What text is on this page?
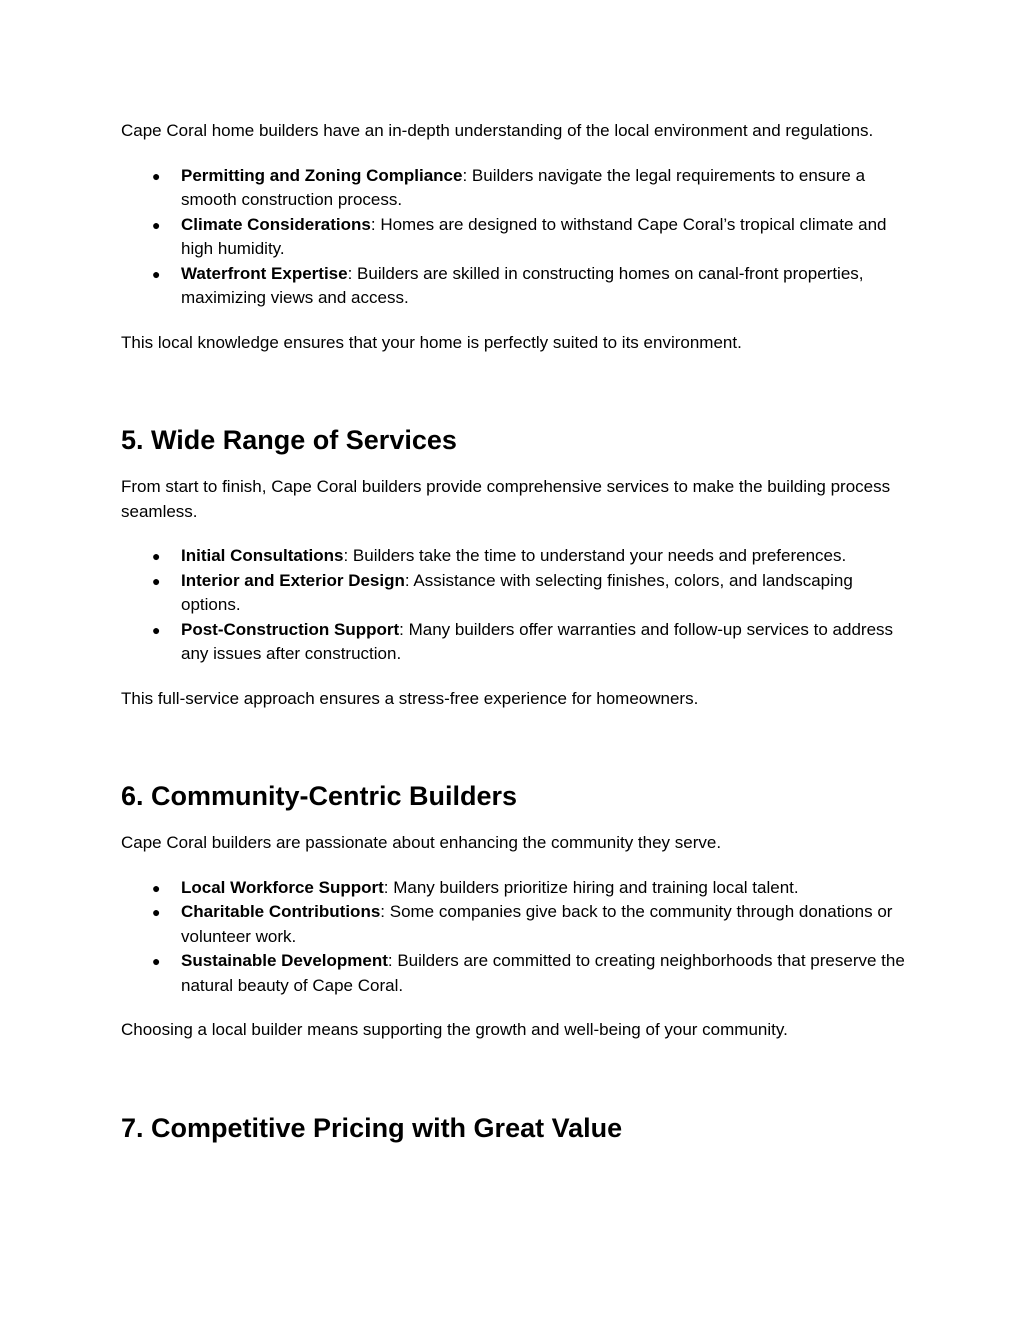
Cape Coral home builders have an in-depth understanding of the local environment and regulations.

● Permitting and Zoning Compliance: Builders navigate the legal requirements to ensure a smooth construction process.
● Climate Considerations: Homes are designed to withstand Cape Coral’s tropical climate and high humidity.
● Waterfront Expertise: Builders are skilled in constructing homes on canal-front properties, maximizing views and access.

This local knowledge ensures that your home is perfectly suited to its environment.

5. Wide Range of Services

From start to finish, Cape Coral builders provide comprehensive services to make the building process seamless.

● Initial Consultations: Builders take the time to understand your needs and preferences.
● Interior and Exterior Design: Assistance with selecting finishes, colors, and landscaping options.
● Post-Construction Support: Many builders offer warranties and follow-up services to address any issues after construction.

This full-service approach ensures a stress-free experience for homeowners.

6. Community-Centric Builders

Cape Coral builders are passionate about enhancing the community they serve.

● Local Workforce Support: Many builders prioritize hiring and training local talent.
● Charitable Contributions: Some companies give back to the community through donations or volunteer work.
● Sustainable Development: Builders are committed to creating neighborhoods that preserve the natural beauty of Cape Coral.

Choosing a local builder means supporting the growth and well-being of your community.

7. Competitive Pricing with Great Value
